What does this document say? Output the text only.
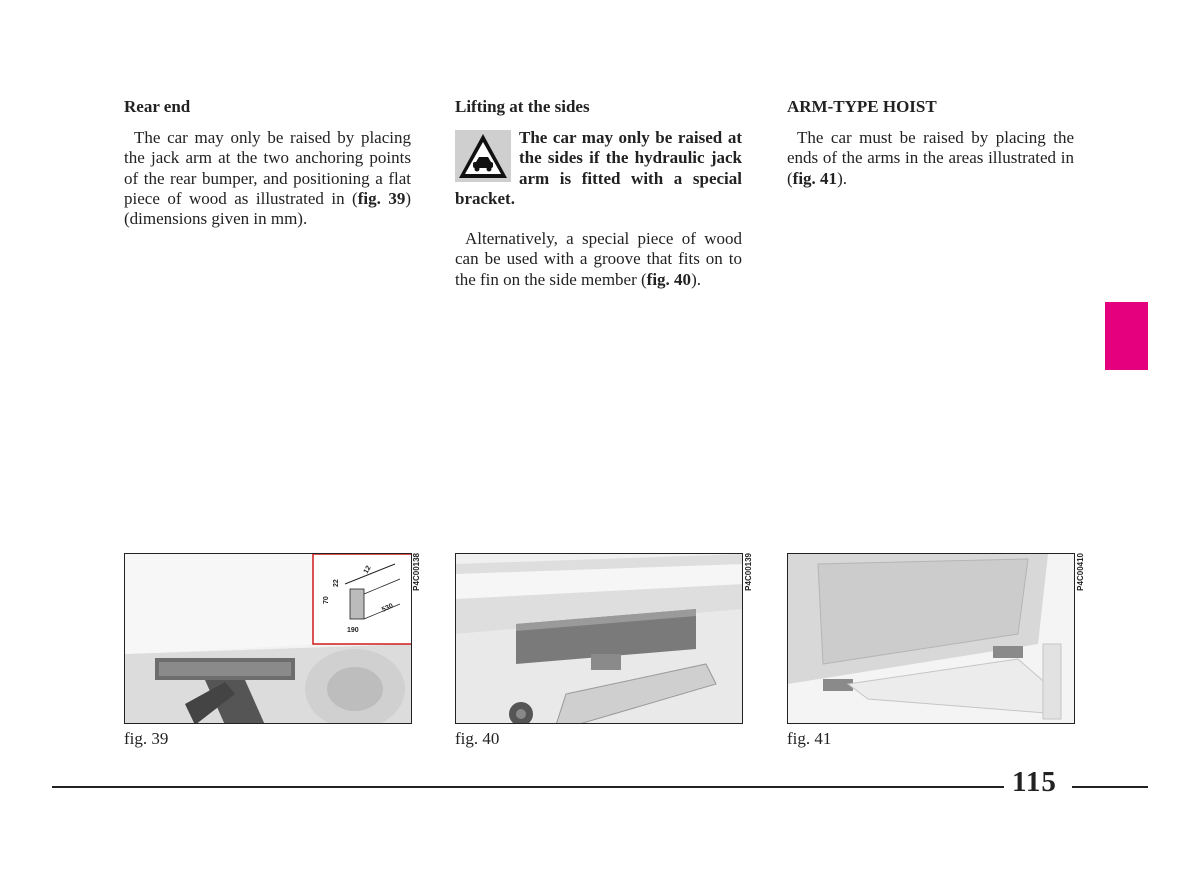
Rear end

The car may only be raised by placing the jack arm at the two anchoring points of the rear bumper, and positioning a flat piece of wood as illustrated in (fig. 39) (dimensions given in mm).

Lifting at the sides
The car may only be raised at the sides if the hydraulic jack arm is fitted with a special bracket.

Alternatively, a special piece of wood can be used with a groove that fits on to the fin on the side member (fig. 40).

ARM-TYPE HOIST

The car must be raised by placing the ends of the arms in the areas illustrated in (fig. 41).

70
22
12
190
530
P4C00138
fig. 39
P4C00139
fig. 40
P4C00410
fig. 41
115
